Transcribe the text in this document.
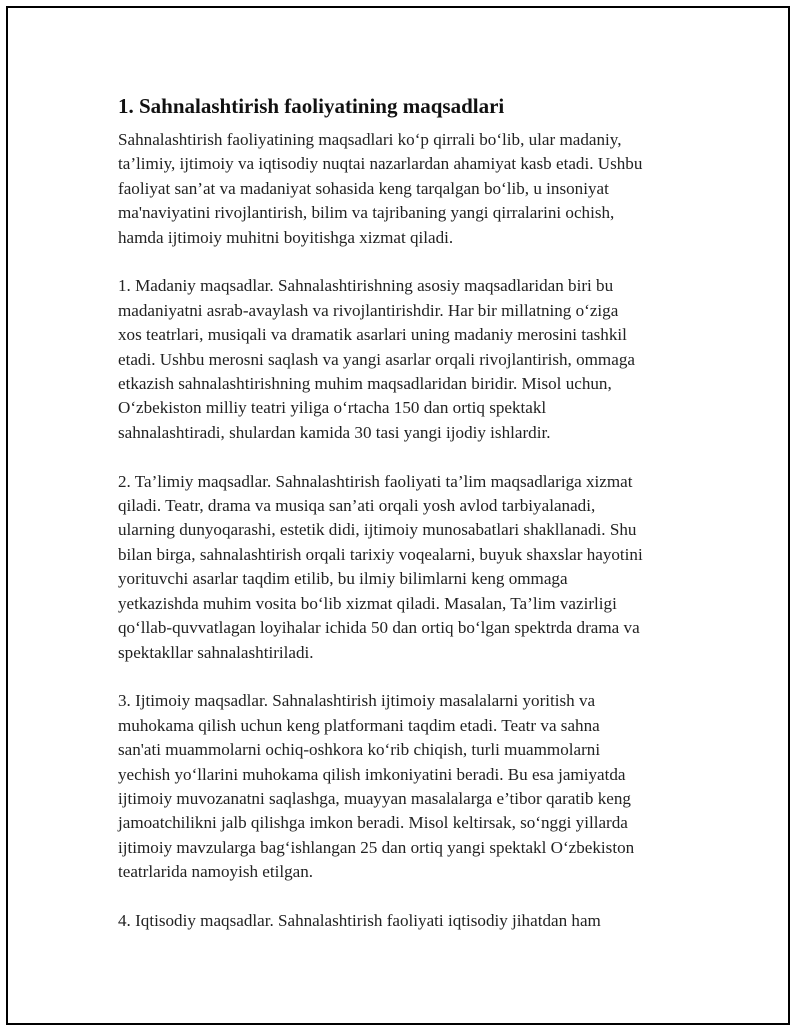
1. Sahnalashtirish faoliyatining maqsadlari

Sahnalashtirish faoliyatining maqsadlari ko‘p qirrali bo‘lib, ular madaniy,
ta’limiy, ijtimoiy va iqtisodiy nuqtai nazarlardan ahamiyat kasb etadi. Ushbu
faoliyat san’at va madaniyat sohasida keng tarqalgan bo‘lib, u insoniyat
ma'naviyatini rivojlantirish, bilim va tajribaning yangi qirralarini ochish,
hamda ijtimoiy muhitni boyitishga xizmat qiladi.

1. Madaniy maqsadlar. Sahnalashtirishning asosiy maqsadlaridan biri bu
madaniyatni asrab-avaylash va rivojlantirishdir. Har bir millatning o‘ziga
xos teatrlari, musiqali va dramatik asarlari uning madaniy merosini tashkil
etadi. Ushbu merosni saqlash va yangi asarlar orqali rivojlantirish, ommaga
etkazish sahnalashtirishning muhim maqsadlaridan biridir. Misol uchun,
O‘zbekiston milliy teatri yiliga o‘rtacha 150 dan ortiq spektakl
sahnalashtiradi, shulardan kamida 30 tasi yangi ijodiy ishlardir.

2. Ta’limiy maqsadlar. Sahnalashtirish faoliyati ta’lim maqsadlariga xizmat
qiladi. Teatr, drama va musiqa san’ati orqali yosh avlod tarbiyalanadi,
ularning dunyoqarashi, estetik didi, ijtimoiy munosabatlari shakllanadi. Shu
bilan birga, sahnalashtirish orqali tarixiy voqealarni, buyuk shaxslar hayotini
yorituvchi asarlar taqdim etilib, bu ilmiy bilimlarni keng ommaga
yetkazishda muhim vosita bo‘lib xizmat qiladi. Masalan, Ta’lim vazirligi
qo‘llab-quvvatlagan loyihalar ichida 50 dan ortiq bo‘lgan spektrda drama va
spektakllar sahnalashtiriladi.

3. Ijtimoiy maqsadlar. Sahnalashtirish ijtimoiy masalalarni yoritish va
muhokama qilish uchun keng platformani taqdim etadi. Teatr va sahna
san'ati muammolarni ochiq-oshkora ko‘rib chiqish, turli muammolarni
yechish yo‘llarini muhokama qilish imkoniyatini beradi. Bu esa jamiyatda
ijtimoiy muvozanatni saqlashga, muayyan masalalarga e’tibor qaratib keng
jamoatchilikni jalb qilishga imkon beradi. Misol keltirsak, so‘nggi yillarda
ijtimoiy mavzularga bag‘ishlangan 25 dan ortiq yangi spektakl O‘zbekiston
teatrlarida namoyish etilgan.

4. Iqtisodiy maqsadlar. Sahnalashtirish faoliyati iqtisodiy jihatdan ham
